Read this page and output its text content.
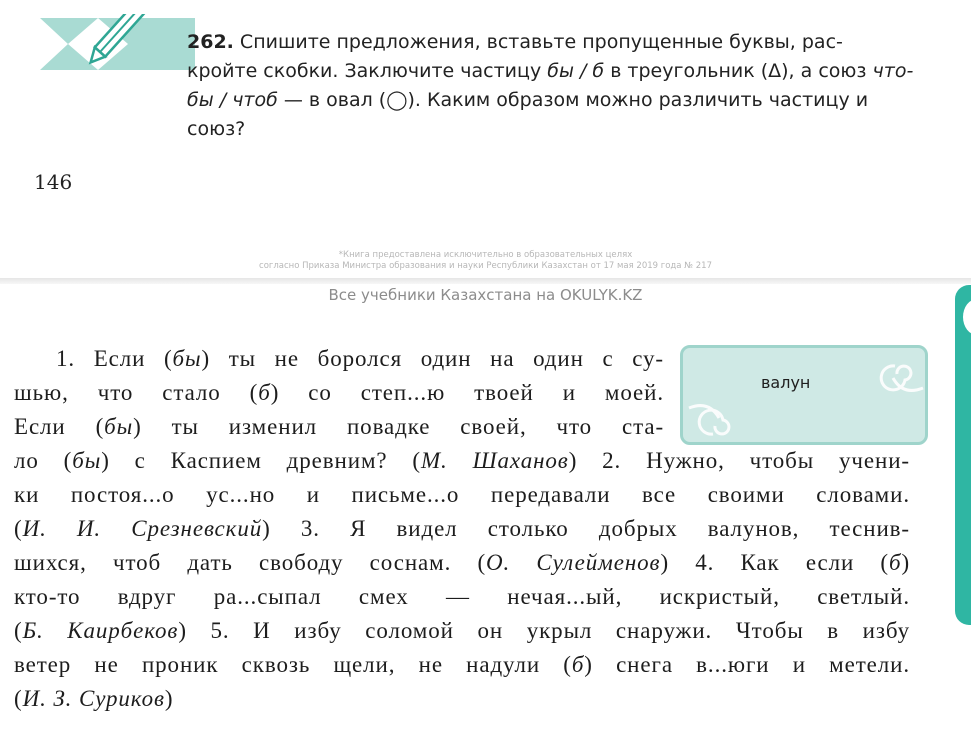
262. Спишите предложения, вставьте пропущенные буквы, рас-
кройте скобки. Заключите частицу бы / б в треугольник (Δ), а союз что-
бы / чтоб — в овал (◯). Каким образом можно различить частицу и
союз?
146
*Книга предоставлена исключительно в образовательных целях
согласно Приказа Министра образования и науки Республики Казахстан от 17 мая 2019 года № 217
Все учебники Казахстана на OKULYK.KZ
вaлун
1. Если (бы) ты не боролся один на один с су-
шью, что стало (б) со степ...ю твоей и моей.
Если (бы) ты изменил повадке своей, что ста-
ло (бы) с Каспием древним? (М. Шаханов) 2. Нужно, чтобы учени-
ки постоя...о ус...но и письме...о передавали все своими словами.
(И. И. Срезневский) 3. Я видел столько добрых валунов, теснив-
шихся, чтоб дать свободу соснам. (О. Сулейменов) 4. Как если (б)
кто-то вдруг ра...сыпал смех — нечая...ый, искристый, светлый.
(Б. Каирбеков) 5. И избу соломой он укрыл снаружи. Чтобы в избу
ветер не проник сквозь щели, не надули (б) снега в...юги и метели.
(И. З. Суриков)
